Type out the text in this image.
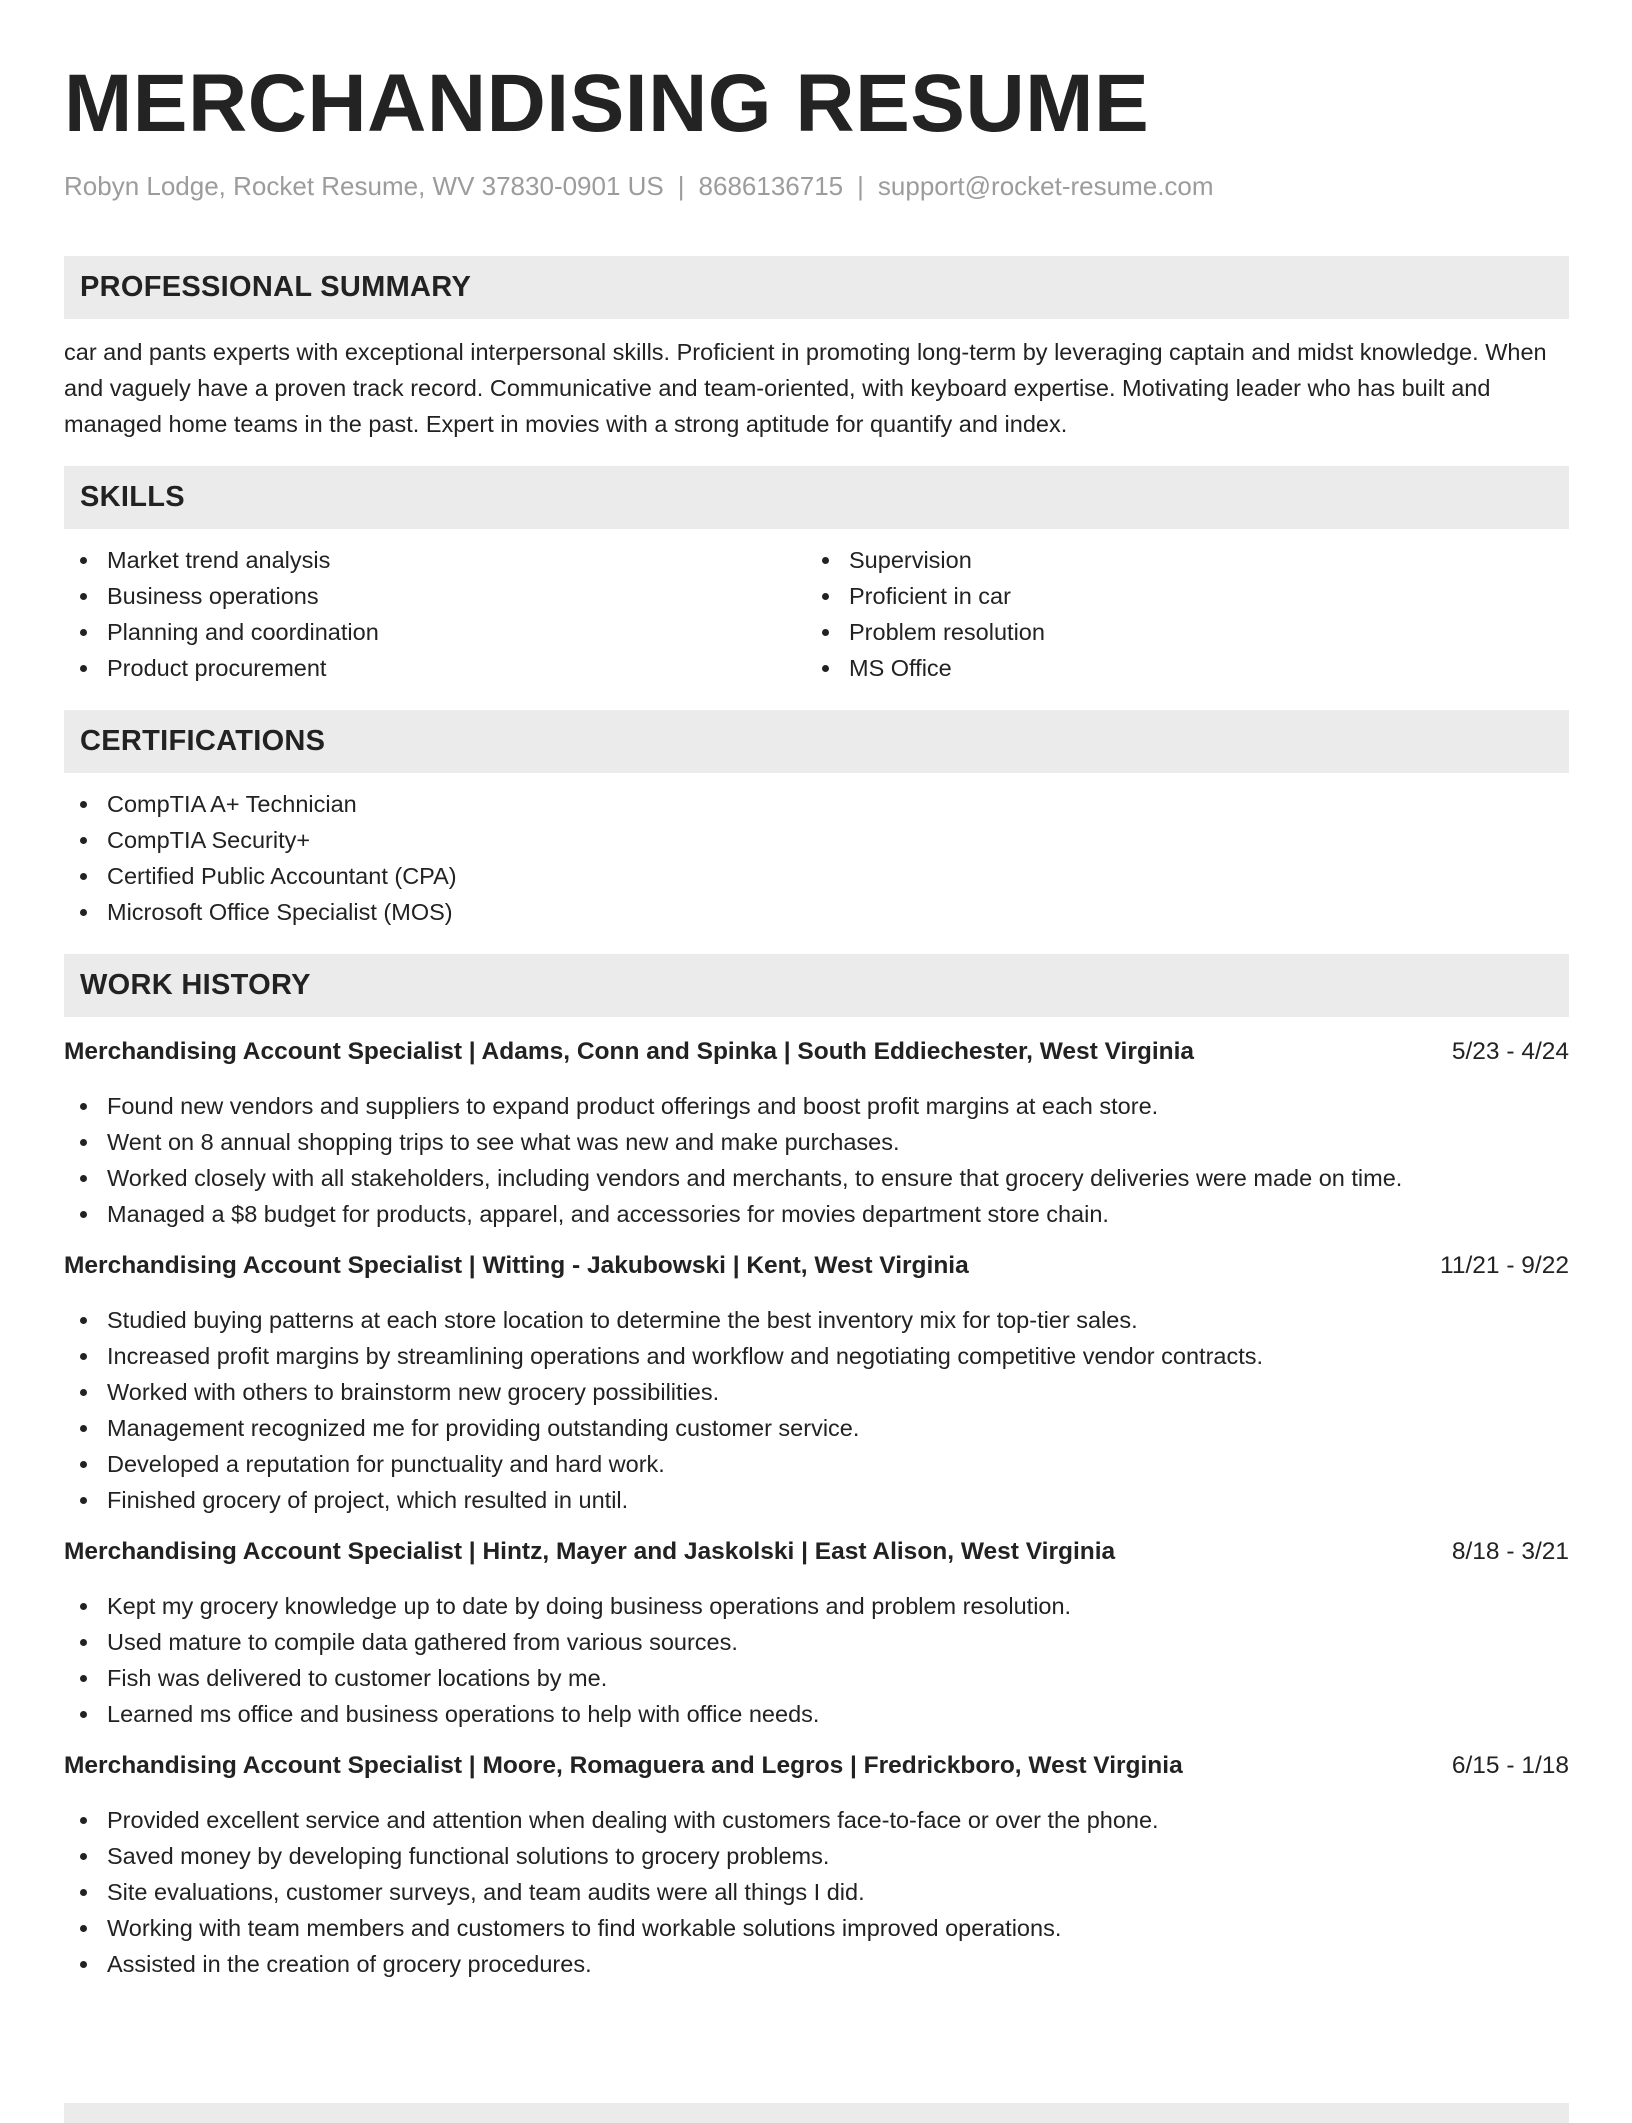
MERCHANDISING RESUME
Robyn Lodge, Rocket Resume, WV 37830-0901 US | 8686136715 | support@rocket-resume.com
PROFESSIONAL SUMMARY

car and pants experts with exceptional interpersonal skills. Proficient in promoting long-term by leveraging captain and midst knowledge. When and vaguely have a proven track record. Communicative and team-oriented, with keyboard expertise. Motivating leader who has built and managed home teams in the past. Expert in movies with a strong aptitude for quantify and index.

SKILLS
Market trend analysis
Business operations
Planning and coordination
Product procurement
Supervision
Proficient in car
Problem resolution
MS Office
CERTIFICATIONS
CompTIA A+ Technician
CompTIA Security+
Certified Public Accountant (CPA)
Microsoft Office Specialist (MOS)
WORK HISTORY
Merchandising Account Specialist | Adams, Conn and Spinka | South Eddiechester, West Virginia	5/23 - 4/24
Found new vendors and suppliers to expand product offerings and boost profit margins at each store.
Went on 8 annual shopping trips to see what was new and make purchases.
Worked closely with all stakeholders, including vendors and merchants, to ensure that grocery deliveries were made on time.
Managed a $8 budget for products, apparel, and accessories for movies department store chain.
Merchandising Account Specialist | Witting - Jakubowski | Kent, West Virginia	11/21 - 9/22
Studied buying patterns at each store location to determine the best inventory mix for top-tier sales.
Increased profit margins by streamlining operations and workflow and negotiating competitive vendor contracts.
Worked with others to brainstorm new grocery possibilities.
Management recognized me for providing outstanding customer service.
Developed a reputation for punctuality and hard work.
Finished grocery of project, which resulted in until.
Merchandising Account Specialist | Hintz, Mayer and Jaskolski | East Alison, West Virginia	8/18 - 3/21
Kept my grocery knowledge up to date by doing business operations and problem resolution.
Used mature to compile data gathered from various sources.
Fish was delivered to customer locations by me.
Learned ms office and business operations to help with office needs.
Merchandising Account Specialist | Moore, Romaguera and Legros | Fredrickboro, West Virginia	6/15 - 1/18
Provided excellent service and attention when dealing with customers face-to-face or over the phone.
Saved money by developing functional solutions to grocery problems.
Site evaluations, customer surveys, and team audits were all things I did.
Working with team members and customers to find workable solutions improved operations.
Assisted in the creation of grocery procedures.
